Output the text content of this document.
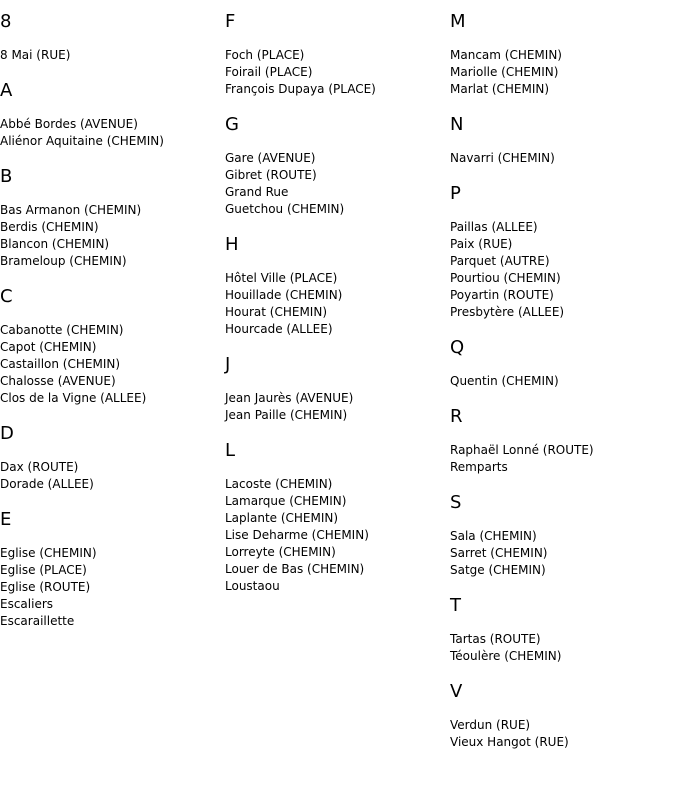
8
8 Mai (RUE)
A
Abbé Bordes (AVENUE)
Aliénor Aquitaine (CHEMIN)
B
Bas Armanon (CHEMIN)
Berdis (CHEMIN)
Blancon (CHEMIN)
Brameloup (CHEMIN)
C
Cabanotte (CHEMIN)
Capot (CHEMIN)
Castaillon (CHEMIN)
Chalosse (AVENUE)
Clos de la Vigne (ALLEE)
D
Dax (ROUTE)
Dorade (ALLEE)
E
Eglise (CHEMIN)
Eglise (PLACE)
Eglise (ROUTE)
Escaliers
Escaraillette
F
Foch (PLACE)
Foirail (PLACE)
François Dupaya (PLACE)
G
Gare (AVENUE)
Gibret (ROUTE)
Grand Rue
Guetchou (CHEMIN)
H
Hôtel Ville (PLACE)
Houillade (CHEMIN)
Hourat (CHEMIN)
Hourcade (ALLEE)
J
Jean Jaurès (AVENUE)
Jean Paille (CHEMIN)
L
Lacoste (CHEMIN)
Lamarque (CHEMIN)
Laplante (CHEMIN)
Lise Deharme (CHEMIN)
Lorreyte (CHEMIN)
Louer de Bas (CHEMIN)
Loustaou
M
Mancam (CHEMIN)
Mariolle (CHEMIN)
Marlat (CHEMIN)
N
Navarri (CHEMIN)
P
Paillas (ALLEE)
Paix (RUE)
Parquet (AUTRE)
Pourtiou (CHEMIN)
Poyartin (ROUTE)
Presbytère (ALLEE)
Q
Quentin (CHEMIN)
R
Raphaël Lonné (ROUTE)
Remparts
S
Sala (CHEMIN)
Sarret (CHEMIN)
Satge (CHEMIN)
T
Tartas (ROUTE)
Téoulère (CHEMIN)
V
Verdun (RUE)
Vieux Hangot (RUE)
